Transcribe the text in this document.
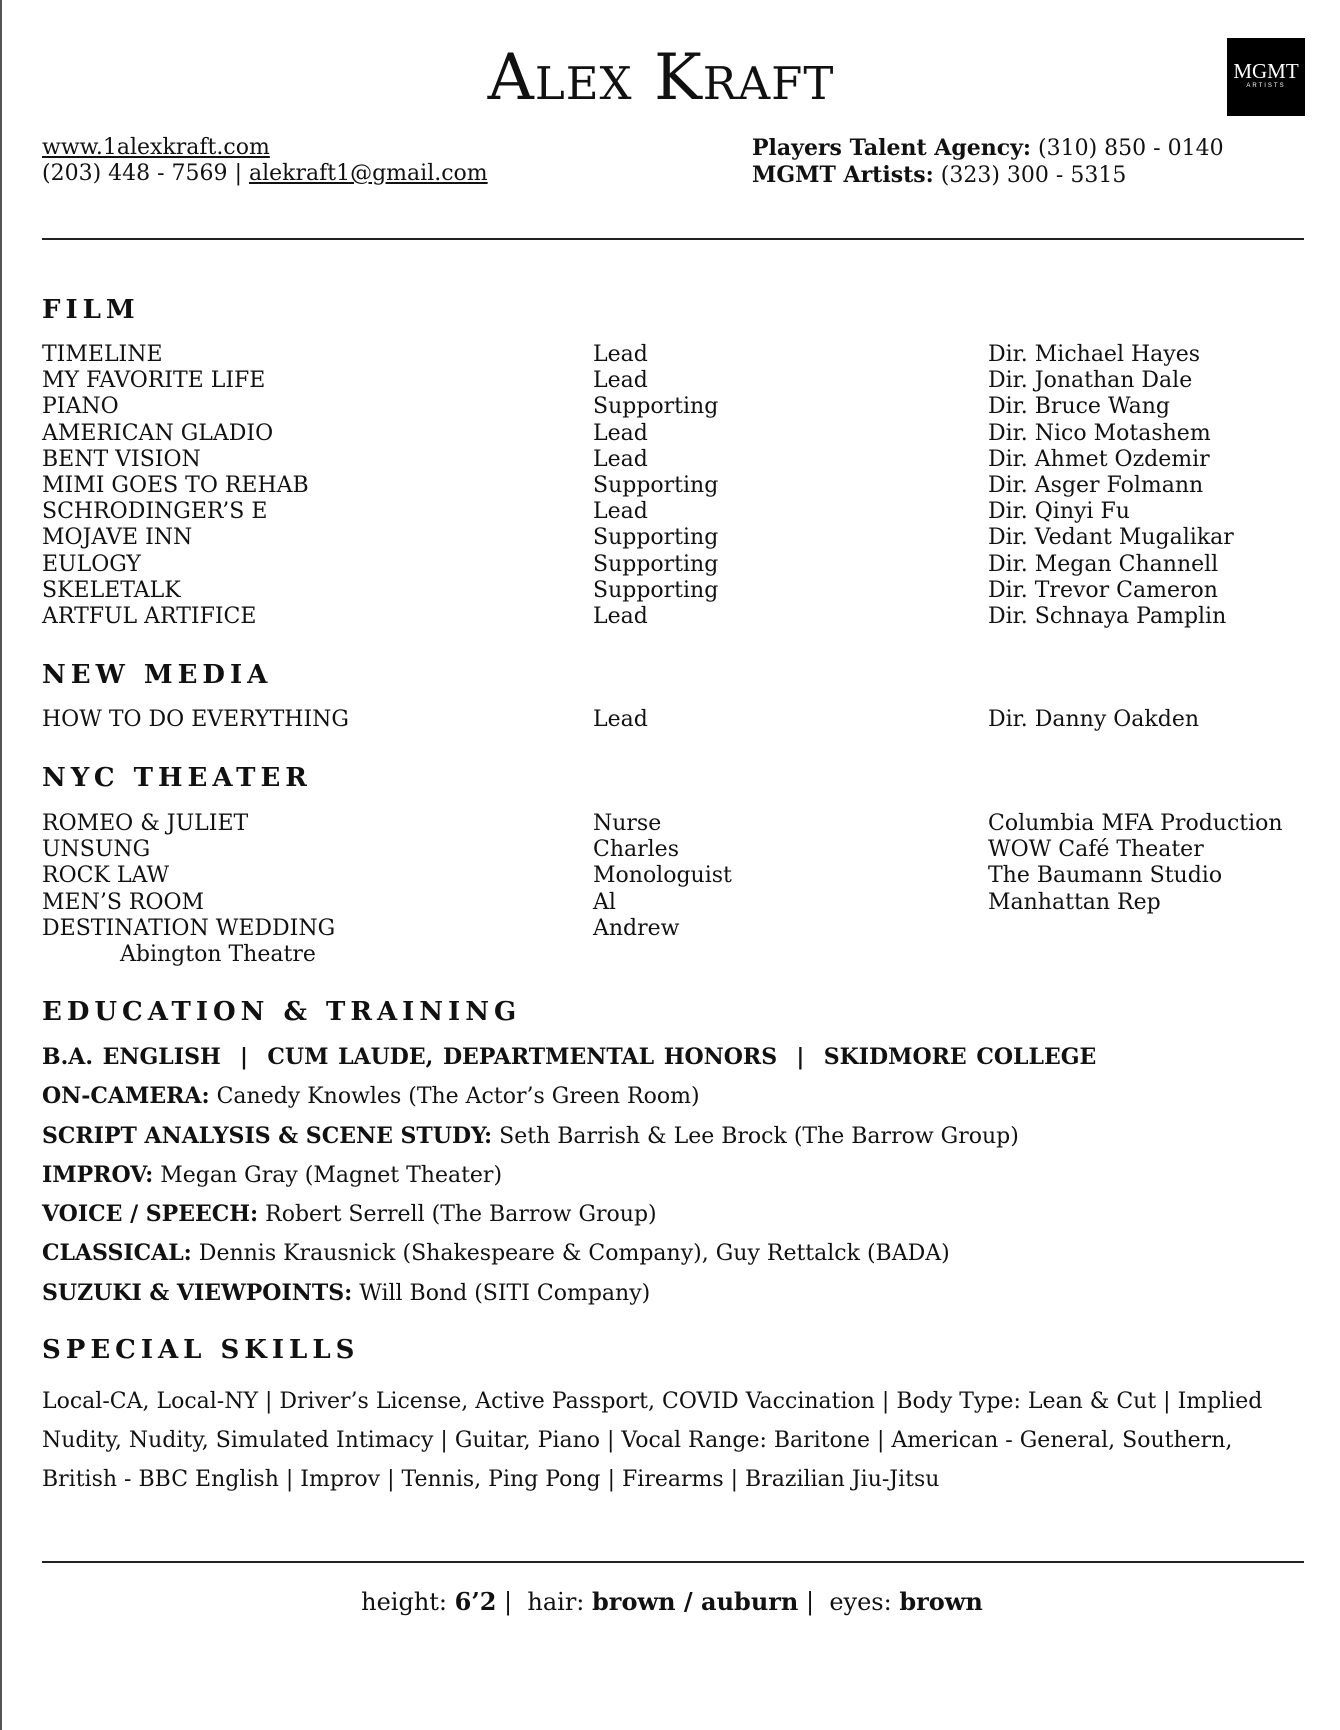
Alex Kraft	MGMT
ARTISTS
www.1alexkraft.com
(203) 448 - 7569 | alekraft1@gmail.com
Players Talent Agency: (310) 850 - 0140
MGMT Artists: (323) 300 - 5315
FILM
TIMELINE	Lead	Dir. Michael Hayes
MY FAVORITE LIFE	Lead	Dir. Jonathan Dale
PIANO	Supporting	Dir. Bruce Wang
AMERICAN GLADIO	Lead	Dir. Nico Motashem
BENT VISION	Lead	Dir. Ahmet Ozdemir
MIMI GOES TO REHAB	Supporting	Dir. Asger Folmann
SCHRODINGER’S E	Lead	Dir. Qinyi Fu
MOJAVE INN	Supporting	Dir. Vedant Mugalikar
EULOGY	Supporting	Dir. Megan Channell
SKELETALK	Supporting	Dir. Trevor Cameron
ARTFUL ARTIFICE	Lead	Dir. Schnaya Pamplin
NEW MEDIA
HOW TO DO EVERYTHING	Lead	Dir. Danny Oakden
NYC THEATER
ROMEO & JULIET	Nurse	Columbia MFA Production
UNSUNG	Charles	WOW Café Theater
ROCK LAW	Monologuist	The Baumann Studio
MEN’S ROOM	Al	Manhattan Rep
DESTINATION WEDDING	Andrew
Abington Theatre
EDUCATION & TRAINING
B.A. ENGLISH  |  CUM LAUDE, DEPARTMENTAL HONORS  |  SKIDMORE COLLEGE
ON-CAMERA: Canedy Knowles (The Actor’s Green Room)
SCRIPT ANALYSIS & SCENE STUDY: Seth Barrish & Lee Brock (The Barrow Group)
IMPROV: Megan Gray (Magnet Theater)
VOICE / SPEECH: Robert Serrell (The Barrow Group)
CLASSICAL: Dennis Krausnick (Shakespeare & Company), Guy Rettalck (BADA)
SUZUKI & VIEWPOINTS: Will Bond (SITI Company)
SPECIAL SKILLS
Local-CA, Local-NY | Driver’s License, Active Passport, COVID Vaccination | Body Type: Lean & Cut | Implied Nudity, Nudity, Simulated Intimacy | Guitar, Piano | Vocal Range: Baritone | American - General, Southern, British - BBC English | Improv | Tennis, Ping Pong | Firearms | Brazilian Jiu-Jitsu
height: 6’2 |  hair: brown / auburn |  eyes: brown
